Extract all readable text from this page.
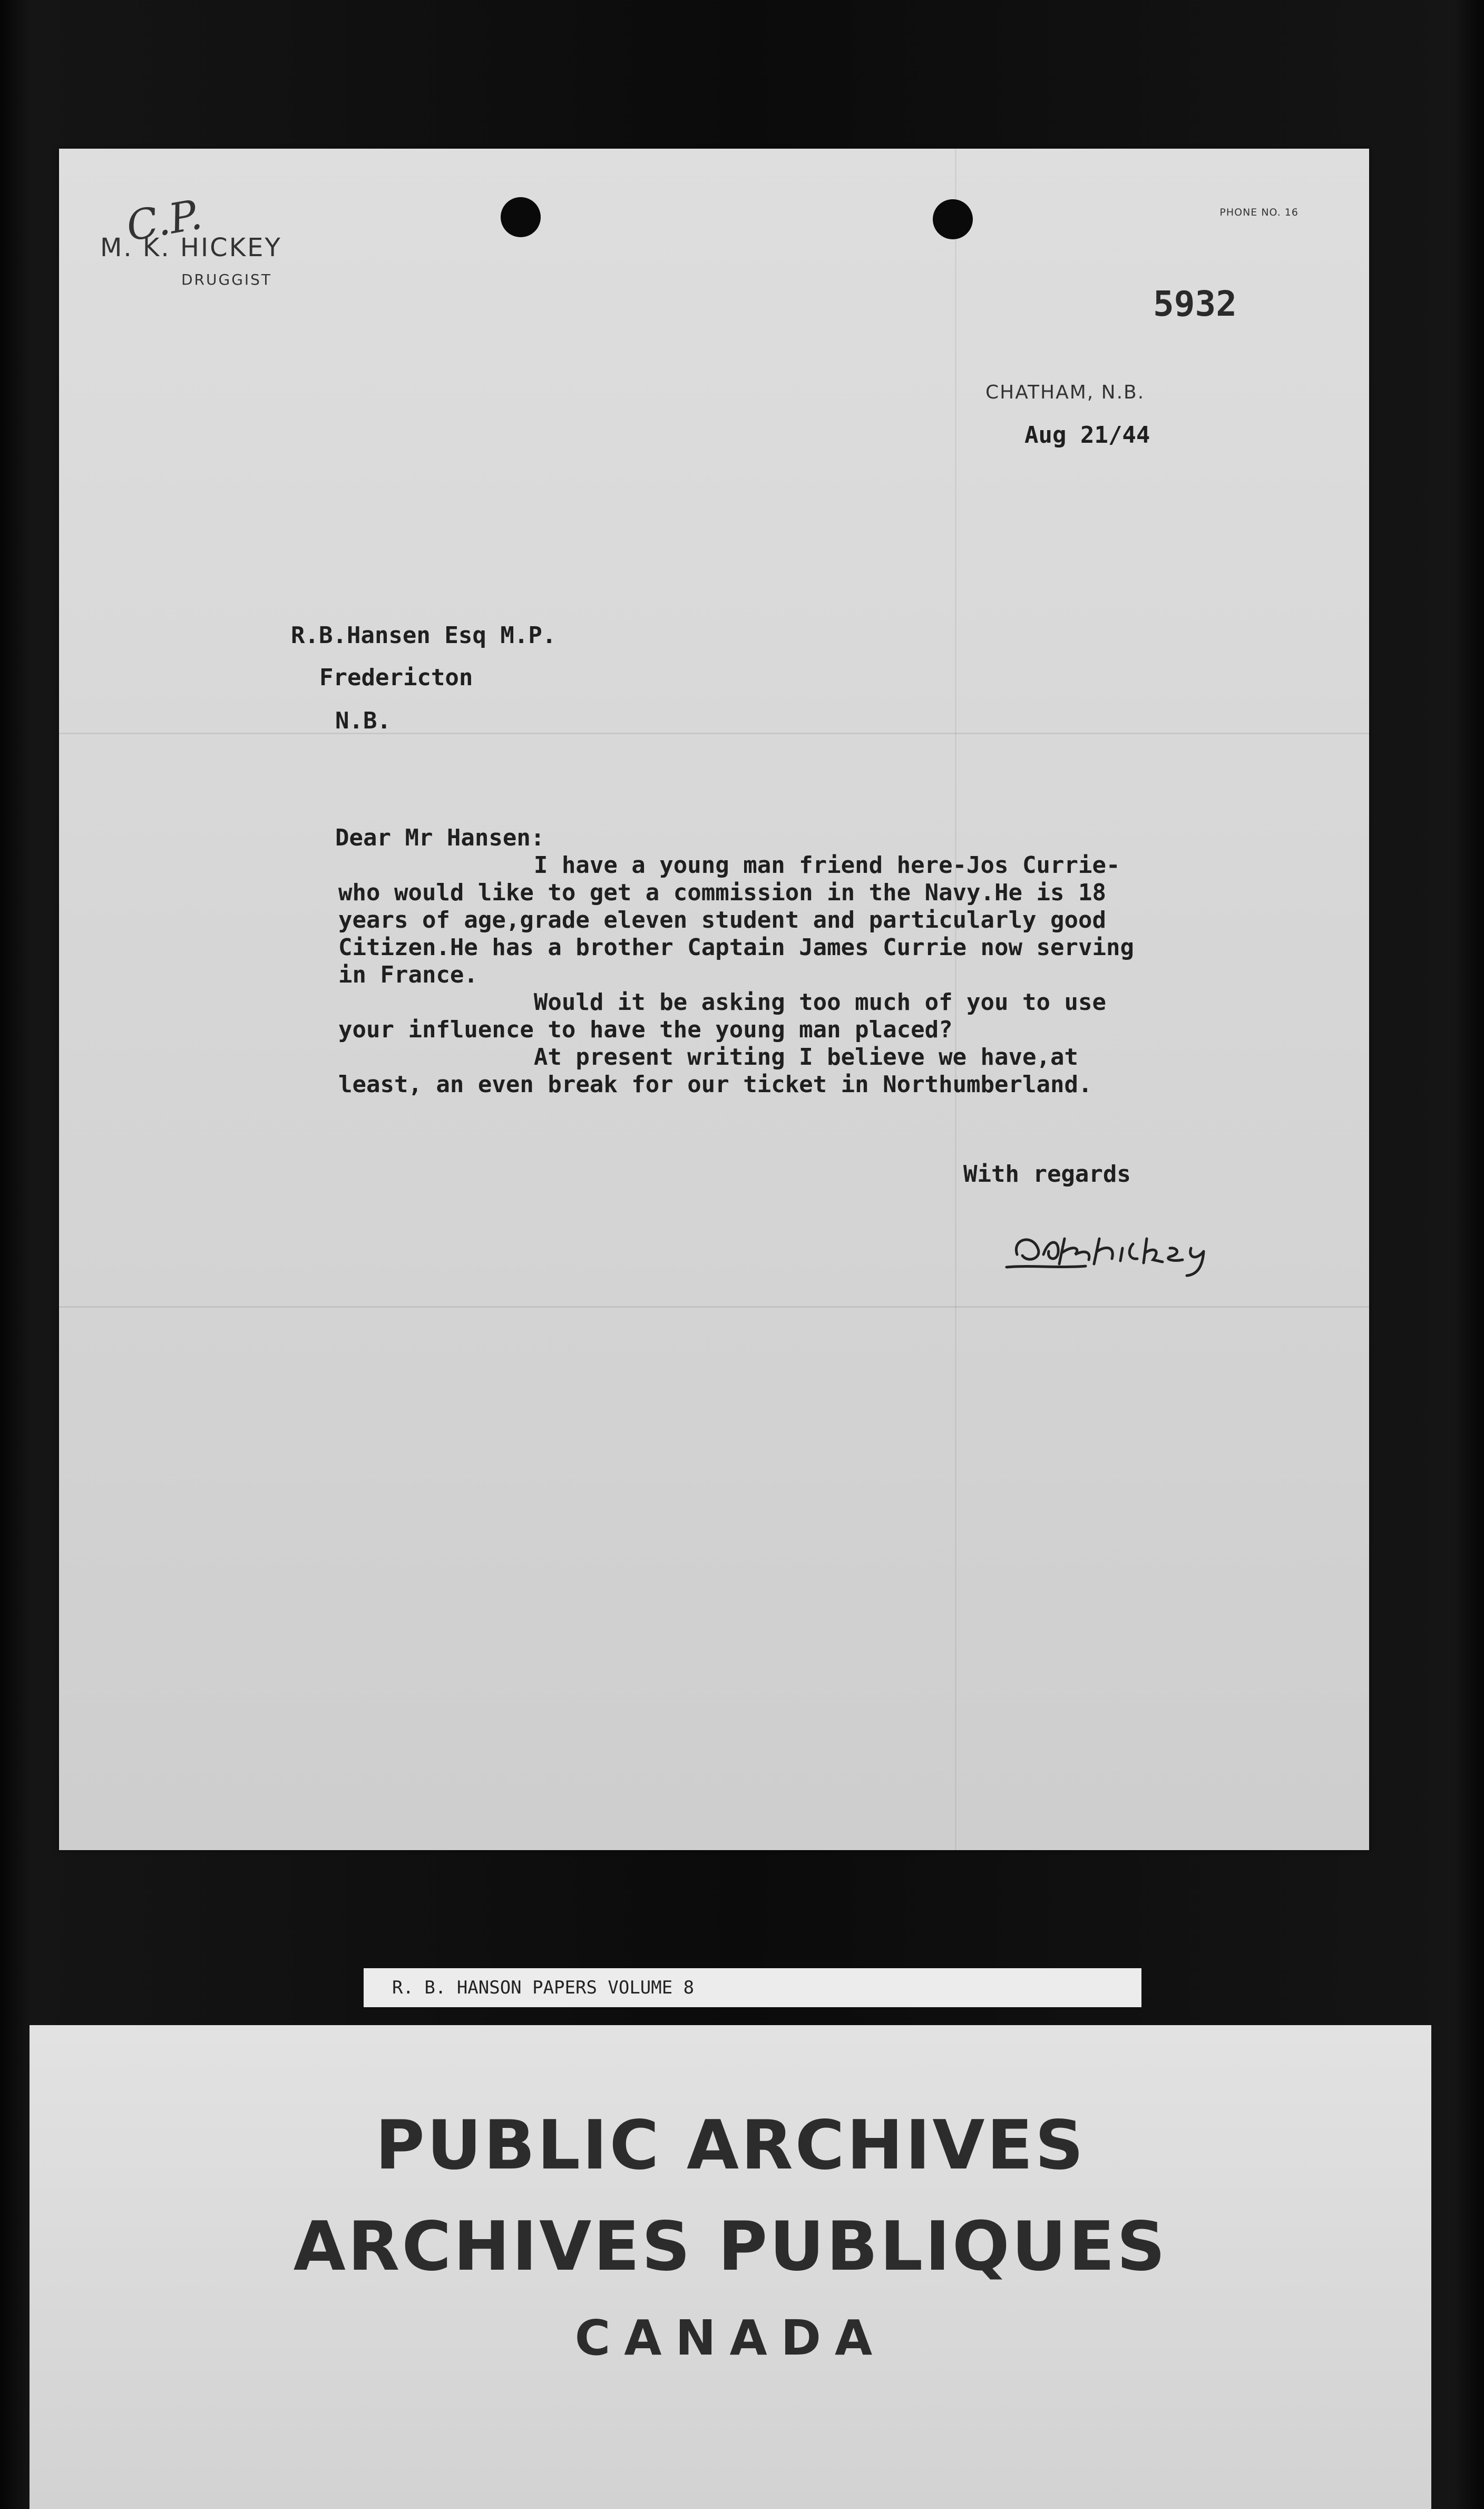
C.P.
M. K. HICKEY
DRUGGIST
PHONE NO. 16
5932
CHATHAM, N.B.
Aug 21/44
R.B.Hansen Esq M.P.
Fredericton
N.B.
Dear Mr Hansen:
I have a young man friend here-Jos Currie-
who would like to get a commission in the Navy.He is 18
years of age,grade eleven student and particularly good
Citizen.He has a brother Captain James Currie now serving
in France.
Would it be asking too much of you to use
your influence to have the young man placed?
At present writing I believe we have,at
least, an even break for our ticket in Northumberland.
With regards
R. B. HANSON PAPERS VOLUME 8
PUBLIC ARCHIVES
ARCHIVES PUBLIQUES
CANADA
